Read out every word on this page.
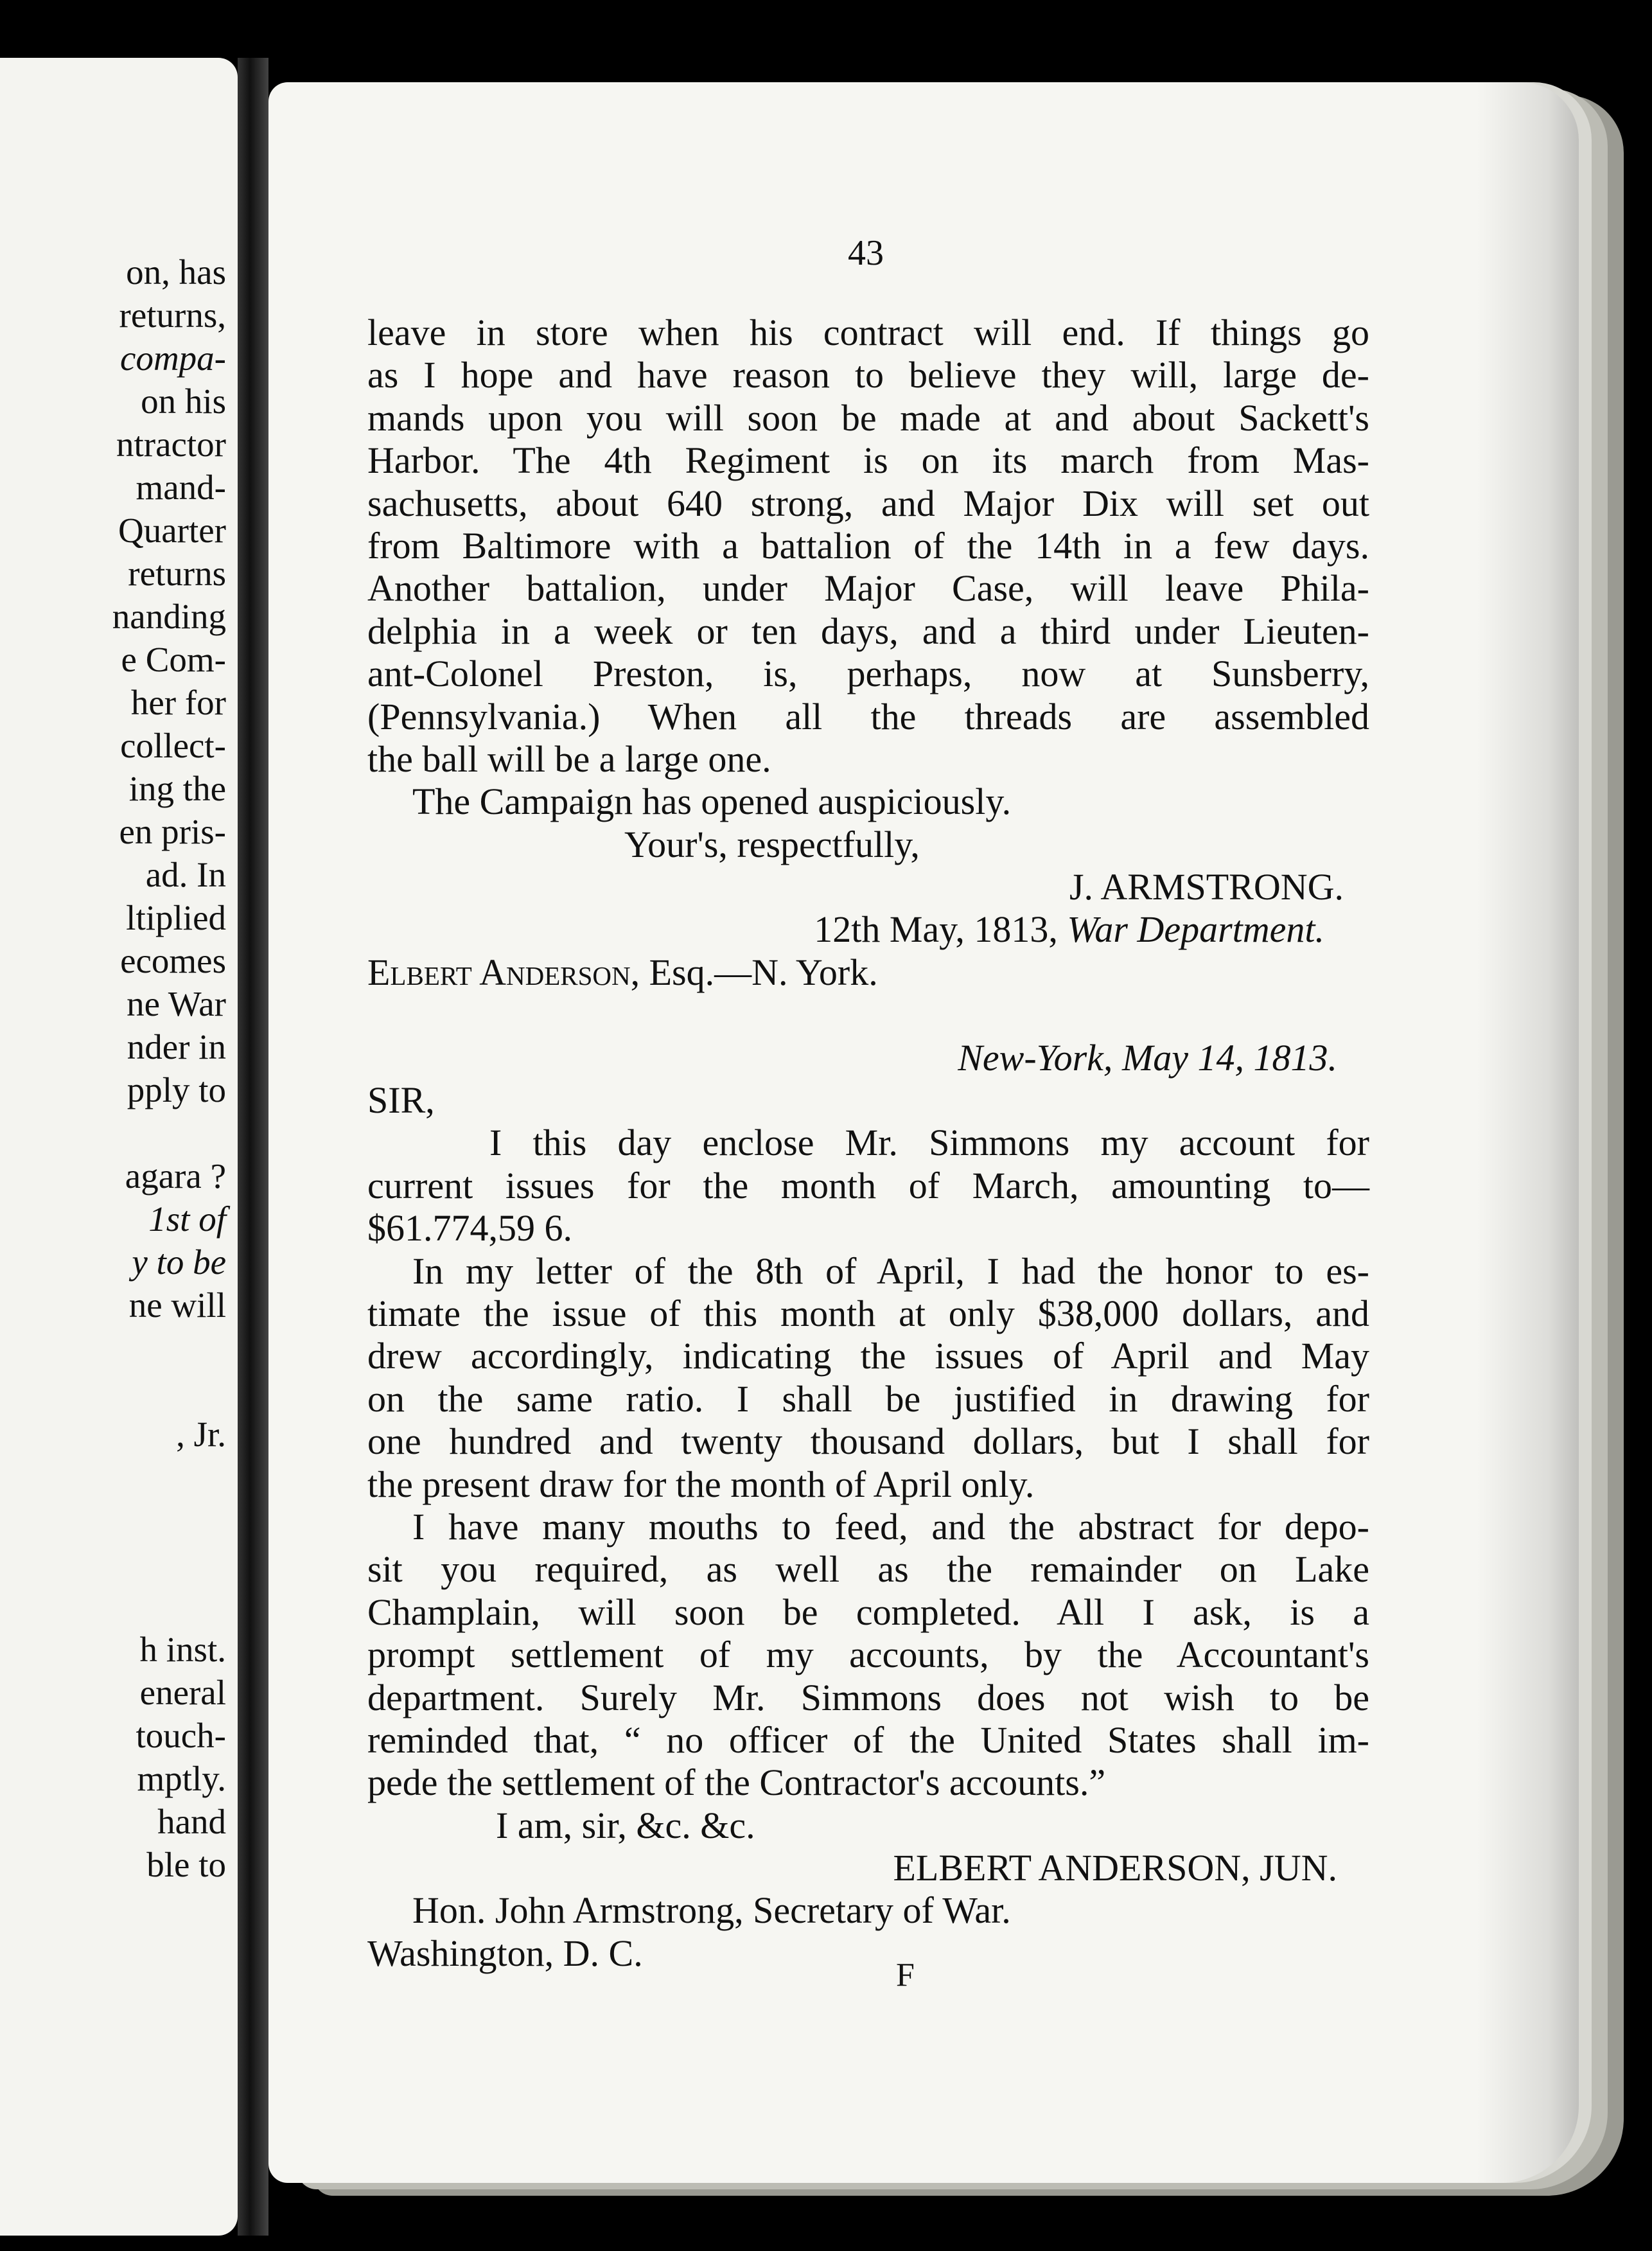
on, has
returns,
compa-
on his
ntractor
mand-
Quarter
returns
nanding
e Com-
her for
collect-
ing the
en pris-
ad. In
ltiplied
ecomes
ne War
nder in
pply to
agara ?
1st of
y to be
ne will
, Jr.
h inst.
eneral
touch-
mptly.
hand
ble to
43
leave in store when his contract will end. If things go
as I hope and have reason to believe they will, large de-
mands upon you will soon be made at and about Sackett's
Harbor. The 4th Regiment is on its march from Mas-
sachusetts, about 640 strong, and Major Dix will set out
from Baltimore with a battalion of the 14th in a few days.
Another battalion, under Major Case, will leave Phila-
delphia in a week or ten days, and a third under Lieuten-
ant-Colonel Preston, is, perhaps, now at Sunsberry,
(Pennsylvania.) When all the threads are assembled
the ball will be a large one.
The Campaign has opened auspiciously.
Your's, respectfully,
J. ARMSTRONG.
12th May, 1813, War Department.
Elbert Anderson, Esq.—N. York.
New-York, May 14, 1813.
SIR,
I this day enclose Mr. Simmons my account for
current issues for the month of March, amounting to—
$61.774,59 6.
In my letter of the 8th of April, I had the honor to es-
timate the issue of this month at only $38,000 dollars, and
drew accordingly, indicating the issues of April and May
on the same ratio. I shall be justified in drawing for
one hundred and twenty thousand dollars, but I shall for
the present draw for the month of April only.
I have many mouths to feed, and the abstract for depo-
sit you required, as well as the remainder on Lake
Champlain, will soon be completed. All I ask, is a
prompt settlement of my accounts, by the Accountant's
department. Surely Mr. Simmons does not wish to be
reminded that, “ no officer of the United States shall im-
pede the settlement of the Contractor's accounts.”
I am, sir, &c. &c.
ELBERT ANDERSON, JUN.
Hon. John Armstrong, Secretary of War.
Washington, D. C.
F
